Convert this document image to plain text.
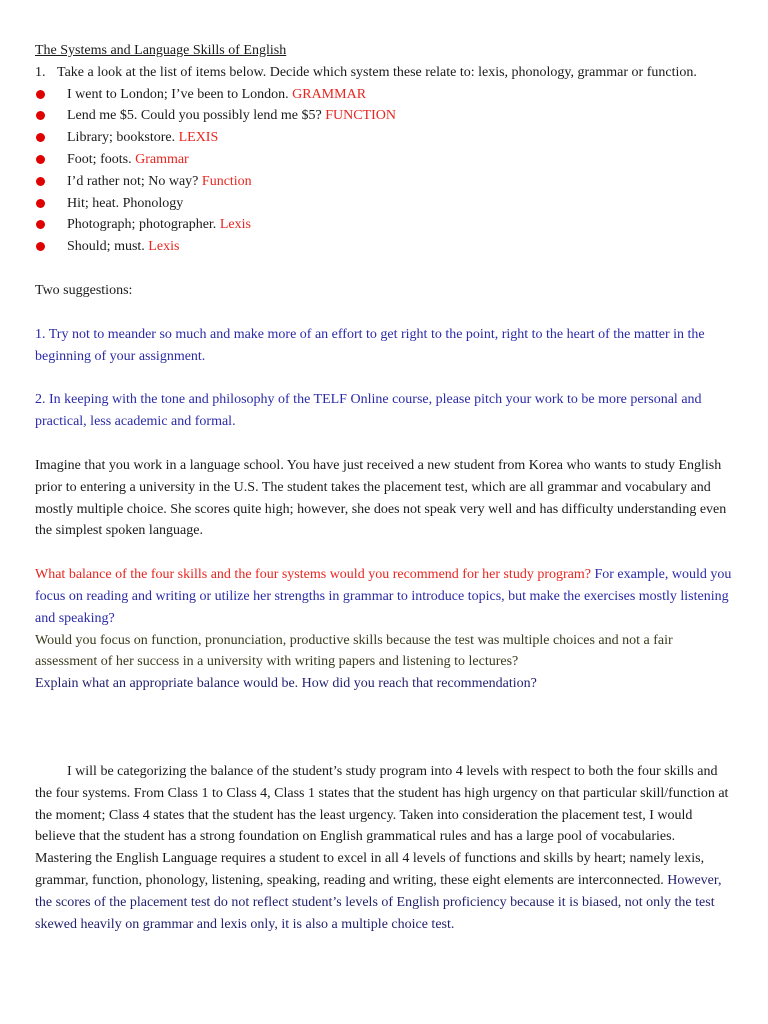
The Systems and Language Skills of English

1. Take a look at the list of items below. Decide which system these relate to: lexis, phonology, grammar or function.
I went to London; I’ve been to London. GRAMMAR
Lend me $5. Could you possibly lend me $5? FUNCTION
Library; bookstore. LEXIS
Foot; foots. Grammar
I’d rather not; No way? Function
Hit; heat. Phonology
Photograph; photographer. Lexis
Should; must. Lexis

Two suggestions:

1. Try not to meander so much and make more of an effort to get right to the point, right to the heart of the matter in the beginning of your assignment.

2. In keeping with the tone and philosophy of the TELF Online course, please pitch your work to be more personal and practical, less academic and formal.

Imagine that you work in a language school. You have just received a new student from Korea who wants to study English prior to entering a university in the U.S. The student takes the placement test, which are all grammar and vocabulary and mostly multiple choice. She scores quite high; however, she does not speak very well and has difficulty understanding even the simplest spoken language.

What balance of the four skills and the four systems would you recommend for her study program? For example, would you focus on reading and writing or utilize her strengths in grammar to introduce topics, but make the exercises mostly listening and speaking?

Would you focus on function, pronunciation, productive skills because the test was multiple choices and not a fair assessment of her success in a university with writing papers and listening to lectures?

Explain what an appropriate balance would be. How did you reach that recommendation?

I will be categorizing the balance of the student’s study program into 4 levels with respect to both the four skills and the four systems. From Class 1 to Class 4, Class 1 states that the student has high urgency on that particular skill/function at the moment; Class 4 states that the student has the least urgency. Taken into consideration the placement test, I would believe that the student has a strong foundation on English grammatical rules and has a large pool of vocabularies. Mastering the English Language requires a student to excel in all 4 levels of functions and skills by heart; namely lexis, grammar, function, phonology, listening, speaking, reading and writing, these eight elements are interconnected. However, the scores of the placement test do not reflect student’s levels of English proficiency because it is biased, not only the test skewed heavily on grammar and lexis only, it is also a multiple choice test.
